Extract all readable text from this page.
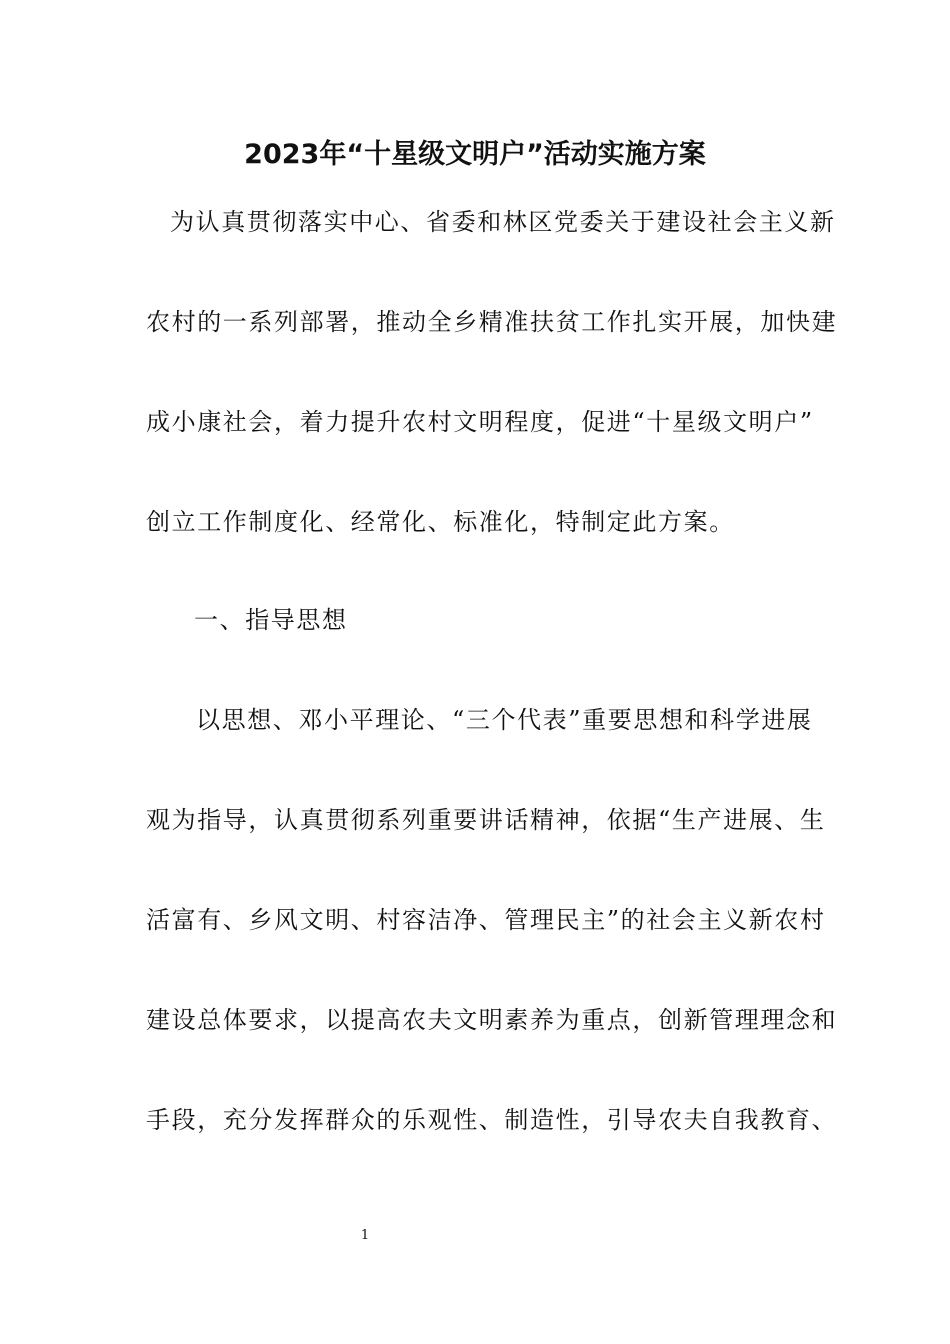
2023年“十星级文明户”活动实施方案
为认真贯彻落实中心、省委和林区党委关于建设社会主义新
农村的一系列部署，推动全乡精准扶贫工作扎实开展，加快建
成小康社会，着力提升农村文明程度，促进“十星级文明户”
创立工作制度化、经常化、标准化，特制定此方案。
一、指导思想
以思想、邓小平理论、“三个代表”重要思想和科学进展
观为指导，认真贯彻系列重要讲话精神，依据“生产进展、生
活富有、乡风文明、村容洁净、管理民主”的社会主义新农村
建设总体要求，以提高农夫文明素养为重点，创新管理理念和
手段，充分发挥群众的乐观性、制造性，引导农夫自我教育、
1
